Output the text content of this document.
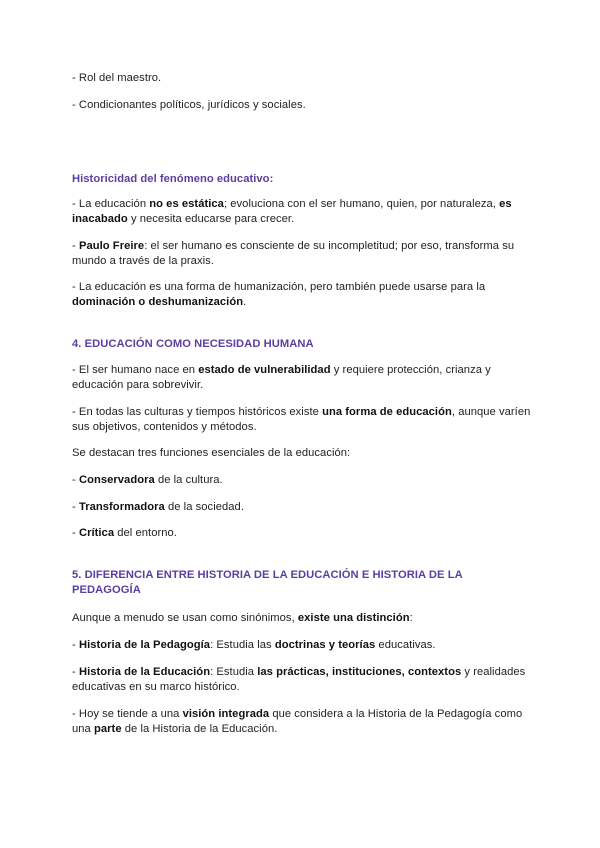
- Rol del maestro.
- Condicionantes políticos, jurídicos y sociales.
Historicidad del fenómeno educativo:
- La educación no es estática; evoluciona con el ser humano, quien, por naturaleza, es
inacabado y necesita educarse para crecer.
- Paulo Freire: el ser humano es consciente de su incompletitud; por eso, transforma su
mundo a través de la praxis.
- La educación es una forma de humanización, pero también puede usarse para la
dominación o deshumanización.
4. EDUCACIÓN COMO NECESIDAD HUMANA
- El ser humano nace en estado de vulnerabilidad y requiere protección, crianza y
educación para sobrevivir.
- En todas las culturas y tiempos históricos existe una forma de educación, aunque varíen
sus objetivos, contenidos y métodos.
Se destacan tres funciones esenciales de la educación:
- Conservadora de la cultura.
- Transformadora de la sociedad.
- Crítica del entorno.
5. DIFERENCIA ENTRE HISTORIA DE LA EDUCACIÓN E HISTORIA DE LA
PEDAGOGÍA
Aunque a menudo se usan como sinónimos, existe una distinción:
- Historia de la Pedagogía: Estudia las doctrinas y teorías educativas.
- Historia de la Educación: Estudia las prácticas, instituciones, contextos y realidades
educativas en su marco histórico.
- Hoy se tiende a una visión integrada que considera a la Historia de la Pedagogía como
una parte de la Historia de la Educación.
